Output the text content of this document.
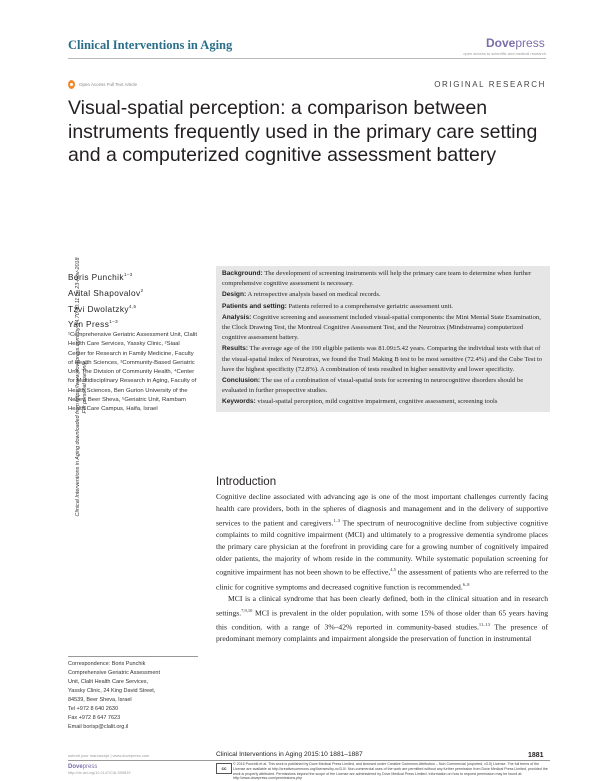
Clinical Interventions in Aging	Dovepress
open access to scientific and medical research
Open Access Full Text Article	ORIGINAL RESEARCH
Visual-spatial perception: a comparison between instruments frequently used in the primary care setting and a computerized cognitive assessment battery
Clinical Interventions in Aging downloaded from https://www.dovepress.com/ by 54.70.40.11 on 23-Nov-2018 For personal use only.
Boris Punchik$^{1-3}$
Avital Shapovalov$^2$
Tzvi Dwolatzky$^{4,5}$
Yan Press$^{1-3}$
¹Comprehensive Geriatric Assessment Unit, Clalit Health Care Services, Yassky Clinic, ²Siaal Center for Research in Family Medicine, Faculty of Health Sciences, ³Community-Based Geriatric Unit, The Division of Community Health, ⁴Center for Multidisciplinary Research in Aging, Faculty of Health Sciences, Ben Gurion University of the Negev, Beer Sheva, ⁵Geriatric Unit, Rambam Health Care Campus, Haifa, Israel
Correspondence: Boris Punchik
Comprehensive Geriatric Assessment
Unit, Clalit Health Care Services,
Yassky Clinic, 24 King David Street,
84539, Beer Sheva, Israel
Tel +972 8 640 2630
Fax +972 8 647 7623
Email borisp@clalit.org.il

Background: The development of screening instruments will help the primary care team to determine when further comprehensive cognitive assessment is necessary.

Design: A retrospective analysis based on medical records.

Patients and setting: Patients referred to a comprehensive geriatric assessment unit.

Analysis: Cognitive screening and assessment included visual-spatial components: the Mini Mental State Examination, the Clock Drawing Test, the Montreal Cognitive Assessment Test, and the Neurotrax (Mindstreams) computerized cognitive assessment battery.

Results: The average age of the 190 eligible patients was 81.09±5.42 years. Comparing the individual tests with that of the visual-spatial index of Neurotrax, we found the Trail Making B test to be most sensitive (72.4%) and the Cube Test to have the highest specificity (72.8%). A combination of tests resulted in higher sensitivity and lower specificity.

Conclusion: The use of a combination of visual-spatial tests for screening in neurocognitive disorders should be evaluated in further prospective studies.

Keywords: visual-spatial perception, mild cognitive impairment, cognitive assessment, screening tools

Introduction

Cognitive decline associated with advancing age is one of the most important challenges currently facing health care providers, both in the spheres of diagnosis and management and in the delivery of supportive services to the patient and caregivers.$^{1-3}$ The spectrum of neurocognitive decline from subjective cognitive complaints to mild cognitive impairment (MCI) and ultimately to a progressive dementia syndrome places the primary care physician at the forefront in providing care for a growing number of cognitively impaired older patients, the majority of whom reside in the community. While systematic population screening for cognitive impairment has not been shown to be effective,$^{4,5}$ the assessment of patients who are referred to the clinic for cognitive symptoms and decreased cognitive function is recommended.$^{6-8}$

MCI is a clinical syndrome that has been clearly defined, both in the clinical situation and in research settings.$^{7,9,10}$ MCI is prevalent in the older population, with some 15% of those older than 65 years having this condition, with a range of 3%–42% reported in community-based studies.$^{11-13}$ The presence of predominant memory complaints and impairment alongside the preservation of function in instrumental

submit your manuscript | www.dovepress.com	Clinical Interventions in Aging 2015:10 1881–1887	1881
Dovepress
http://dx.doi.org/10.2147/CIA.S99819
cc
© 2015 Punchik et al. This work is published by Dove Medical Press Limited, and licensed under Creative Commons Attribution – Non Commercial (unported, v3.0) License. The full terms of the License are available at http://creativecommons.org/licenses/by-nc/3.0/. Non-commercial uses of the work are permitted without any further permission from Dove Medical Press Limited, provided the work is properly attributed. Permissions beyond the scope of the License are administered by Dove Medical Press Limited. Information on how to request permission may be found at: http://www.dovepress.com/permissions.php
